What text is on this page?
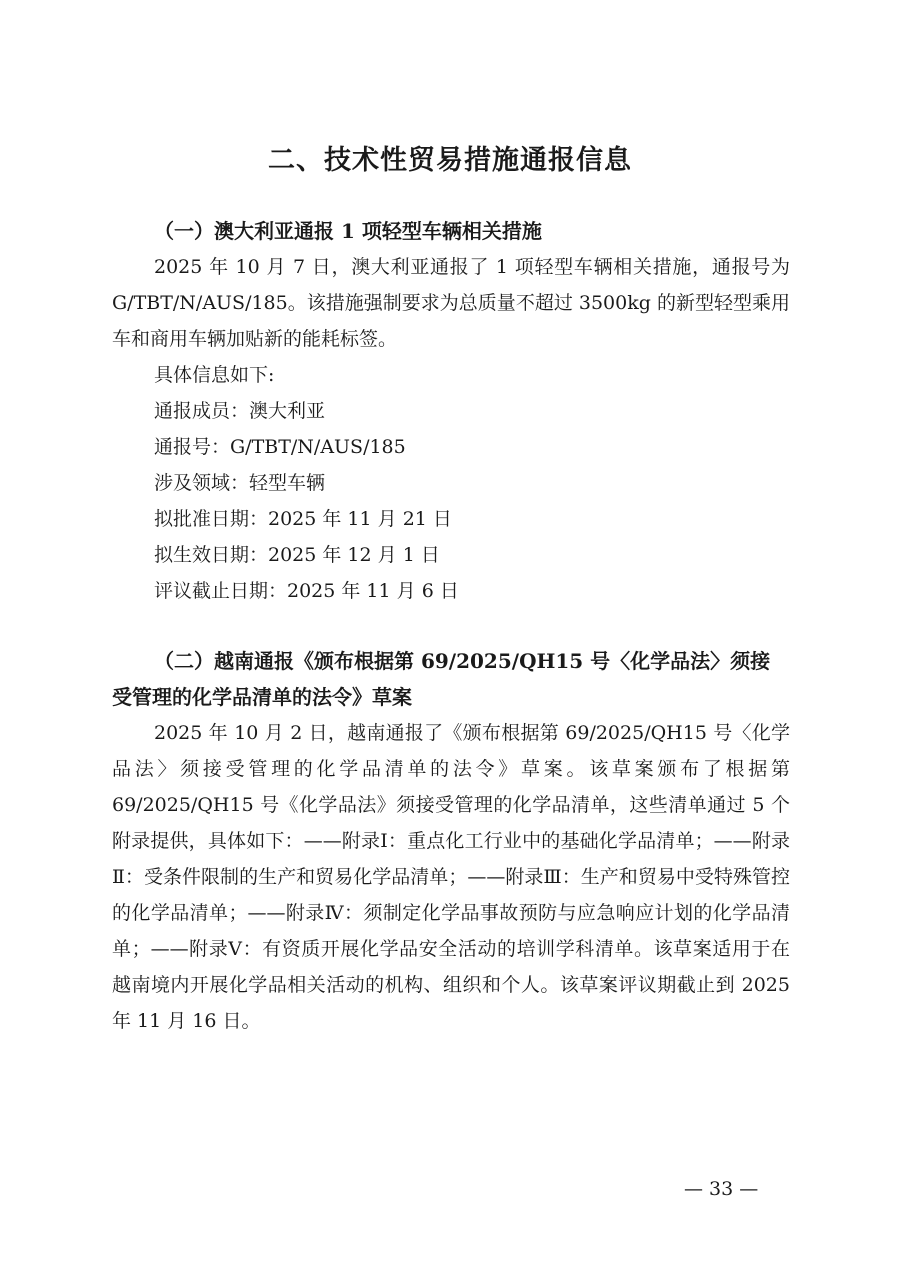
二、技术性贸易措施通报信息

（一）澳大利亚通报 1 项轻型车辆相关措施

2025 年 10 月 7 日，澳大利亚通报了 1 项轻型车辆相关措施，通报号为 G/TBT/N/AUS/185。该措施强制要求为总质量不超过 3500kg 的新型轻型乘用车和商用车辆加贴新的能耗标签。

具体信息如下:

通报成员：澳大利亚

通报号：G/TBT/N/AUS/185

涉及领域：轻型车辆

拟批准日期：2025 年 11 月 21 日

拟生效日期：2025 年 12 月 1 日

评议截止日期：2025 年 11 月 6 日

（二）越南通报《颁布根据第 69/2025/QH15 号〈化学品法〉须接受管理的化学品清单的法令》草案

2025 年 10 月 2 日，越南通报了《颁布根据第 69/2025/QH15 号〈化学品法〉须接受管理的化学品清单的法令》草案。该草案颁布了根据第 69/2025/QH15 号《化学品法》须接受管理的化学品清单，这些清单通过 5 个附录提供，具体如下：——附录Ⅰ：重点化工行业中的基础化学品清单；——附录Ⅱ：受条件限制的生产和贸易化学品清单；——附录Ⅲ：生产和贸易中受特殊管控的化学品清单；——附录Ⅳ：须制定化学品事故预防与应急响应计划的化学品清单；——附录Ⅴ：有资质开展化学品安全活动的培训学科清单。该草案适用于在越南境内开展化学品相关活动的机构、组织和个人。该草案评议期截止到 2025 年 11 月 16 日。

— 33 —
